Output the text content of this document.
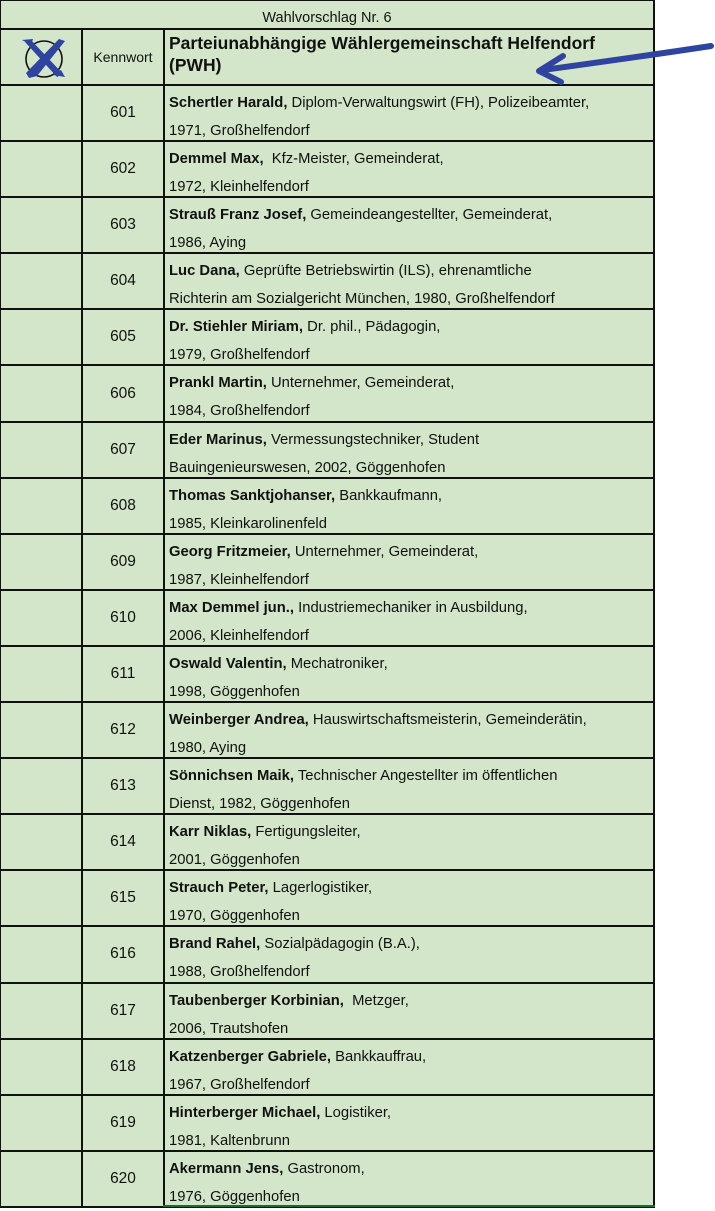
Wahlvorschlag Nr. 6
Kennwort
Parteiunabhängige Wählergemeinschaft Helfendorf (PWH)
601
Schertler Harald, Diplom-Verwaltungswirt (FH), Polizeibeamter,
1971, Großhelfendorf
602
Demmel Max,  Kfz-Meister, Gemeinderat,
1972, Kleinhelfendorf
603
Strauß Franz Josef, Gemeindeangestellter, Gemeinderat,
1986, Aying
604
Luc Dana, Geprüfte Betriebswirtin (ILS), ehrenamtliche
Richterin am Sozialgericht München, 1980, Großhelfendorf
605
Dr. Stiehler Miriam, Dr. phil., Pädagogin,
1979, Großhelfendorf
606
Prankl Martin, Unternehmer, Gemeinderat,
1984, Großhelfendorf
607
Eder Marinus, Vermessungstechniker, Student
Bauingenieurswesen, 2002, Göggenhofen
608
Thomas Sanktjohanser, Bankkaufmann,
1985, Kleinkarolinenfeld
609
Georg Fritzmeier, Unternehmer, Gemeinderat,
1987, Kleinhelfendorf
610
Max Demmel jun., Industriemechaniker in Ausbildung,
2006, Kleinhelfendorf
611
Oswald Valentin, Mechatroniker,
1998, Göggenhofen
612
Weinberger Andrea, Hauswirtschaftsmeisterin, Gemeinderätin,
1980, Aying
613
Sönnichsen Maik, Technischer Angestellter im öffentlichen
Dienst, 1982, Göggenhofen
614
Karr Niklas, Fertigungsleiter,
2001, Göggenhofen
615
Strauch Peter, Lagerlogistiker,
1970, Göggenhofen
616
Brand Rahel, Sozialpädagogin (B.A.),
1988, Großhelfendorf
617
Taubenberger Korbinian,  Metzger,
2006, Trautshofen
618
Katzenberger Gabriele, Bankkauffrau,
1967, Großhelfendorf
619
Hinterberger Michael, Logistiker,
1981, Kaltenbrunn
620
Akermann Jens, Gastronom,
1976, Göggenhofen
